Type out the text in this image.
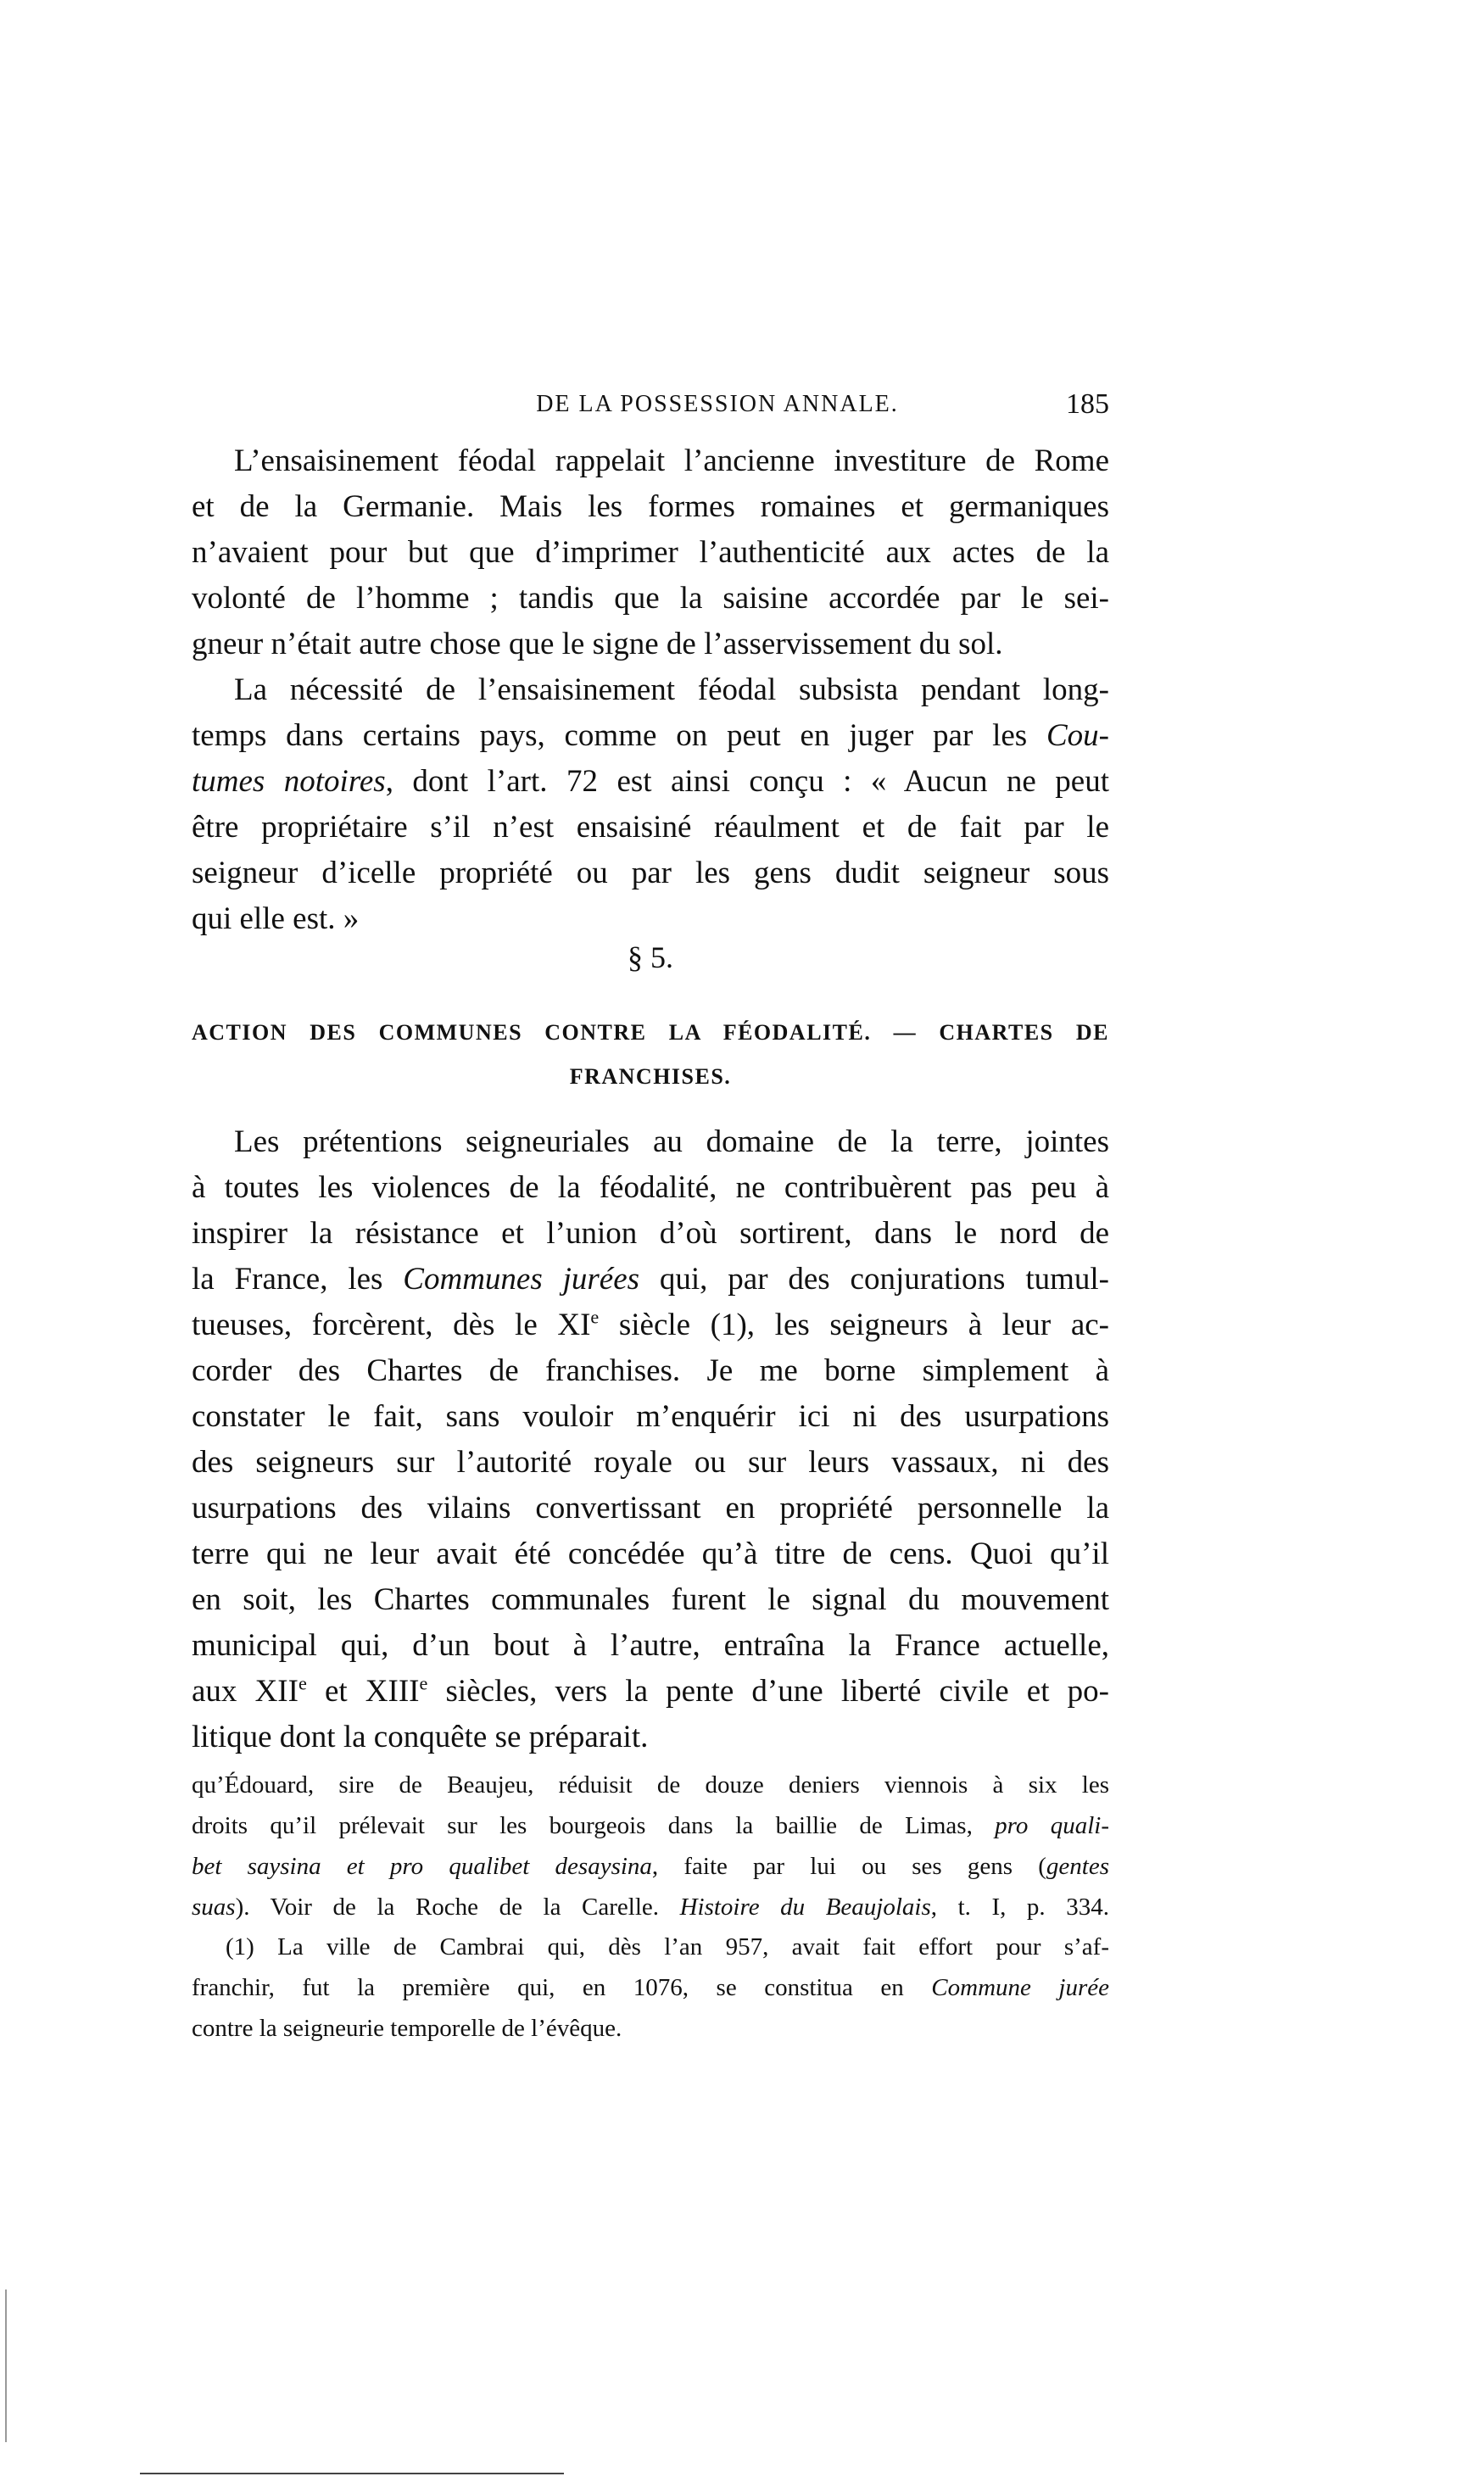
DE LA POSSESSION ANNALE.	185
L’ensaisinement féodal rappelait l’ancienne investiture de Rome
et de la Germanie. Mais les formes romaines et germaniques
n’avaient pour but que d’imprimer l’authenticité aux actes de la
volonté de l’homme ; tandis que la saisine accordée par le sei-
gneur n’était autre chose que le signe de l’asservissement du sol.
La nécessité de l’ensaisinement féodal subsista pendant long-
temps dans certains pays, comme on peut en juger par les Cou-
tumes notoires, dont l’art. 72 est ainsi conçu : « Aucun ne peut
être propriétaire s’il n’est ensaisiné réaulment et de fait par le
seigneur d’icelle propriété ou par les gens dudit seigneur sous
qui elle est. »
§ 5.
ACTION DES COMMUNES CONTRE LA FÉODALITÉ. — CHARTES DE
FRANCHISES.
Les prétentions seigneuriales au domaine de la terre, jointes
à toutes les violences de la féodalité, ne contribuèrent pas peu à
inspirer la résistance et l’union d’où sortirent, dans le nord de
la France, les Communes jurées qui, par des conjurations tumul-
tueuses, forcèrent, dès le XIe siècle (1), les seigneurs à leur ac-
corder des Chartes de franchises. Je me borne simplement à
constater le fait, sans vouloir m’enquérir ici ni des usurpations
des seigneurs sur l’autorité royale ou sur leurs vassaux, ni des
usurpations des vilains convertissant en propriété personnelle la
terre qui ne leur avait été concédée qu’à titre de cens. Quoi qu’il
en soit, les Chartes communales furent le signal du mouvement
municipal qui, d’un bout à l’autre, entraîna la France actuelle,
aux XIIe et XIIIe siècles, vers la pente d’une liberté civile et po-
litique dont la conquête se préparait.
qu’Édouard, sire de Beaujeu, réduisit de douze deniers viennois à six les
droits qu’il prélevait sur les bourgeois dans la baillie de Limas, pro quali-
bet saysina et pro qualibet desaysina, faite par lui ou ses gens (gentes
suas). Voir de la Roche de la Carelle. Histoire du Beaujolais, t. I, p. 334.
(1) La ville de Cambrai qui, dès l’an 957, avait fait effort pour s’af-
franchir, fut la première qui, en 1076, se constitua en Commune jurée
contre la seigneurie temporelle de l’évêque.
